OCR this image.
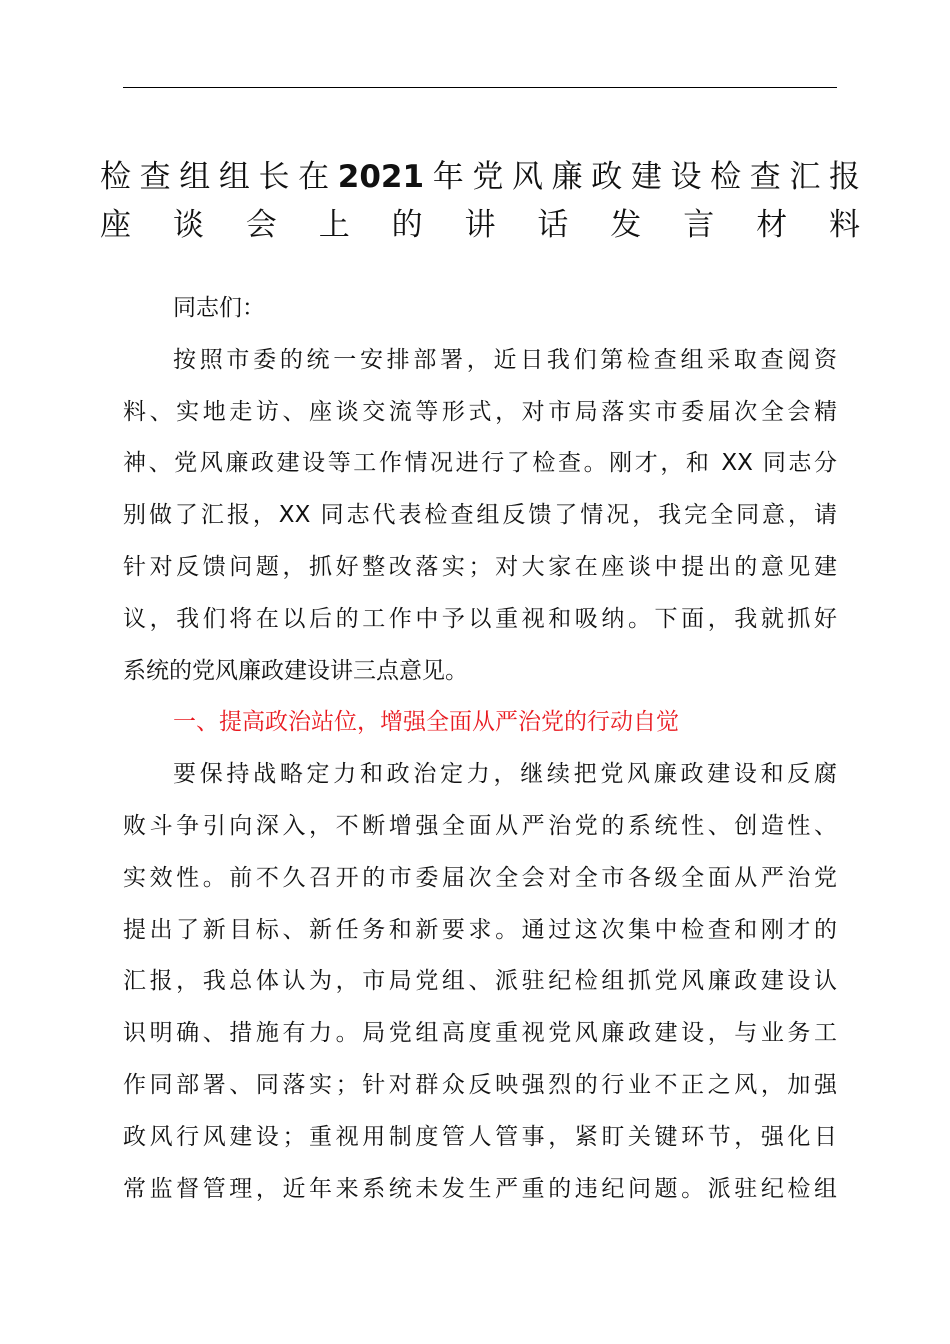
检查组组长在2021年党风廉政建设检查汇报
座谈会上的讲话发言材料

同志们：

按照市委的统一安排部署，近日我们第检查组采取查阅资
料、实地走访、座谈交流等形式，对市局落实市委届次全会精
神、党风廉政建设等工作情况进行了检查。刚才，和 XX 同志分
别做了汇报，XX 同志代表检查组反馈了情况，我完全同意，请
针对反馈问题，抓好整改落实；对大家在座谈中提出的意见建
议，我们将在以后的工作中予以重视和吸纳。下面，我就抓好
系统的党风廉政建设讲三点意见。

一、提高政治站位，增强全面从严治党的行动自觉

要保持战略定力和政治定力，继续把党风廉政建设和反腐
败斗争引向深入，不断增强全面从严治党的系统性、创造性、
实效性。前不久召开的市委届次全会对全市各级全面从严治党
提出了新目标、新任务和新要求。通过这次集中检查和刚才的
汇报，我总体认为，市局党组、派驻纪检组抓党风廉政建设认
识明确、措施有力。局党组高度重视党风廉政建设，与业务工
作同部署、同落实；针对群众反映强烈的行业不正之风，加强
政风行风建设；重视用制度管人管事，紧盯关键环节，强化日
常监督管理，近年来系统未发生严重的违纪问题。派驻纪检组
